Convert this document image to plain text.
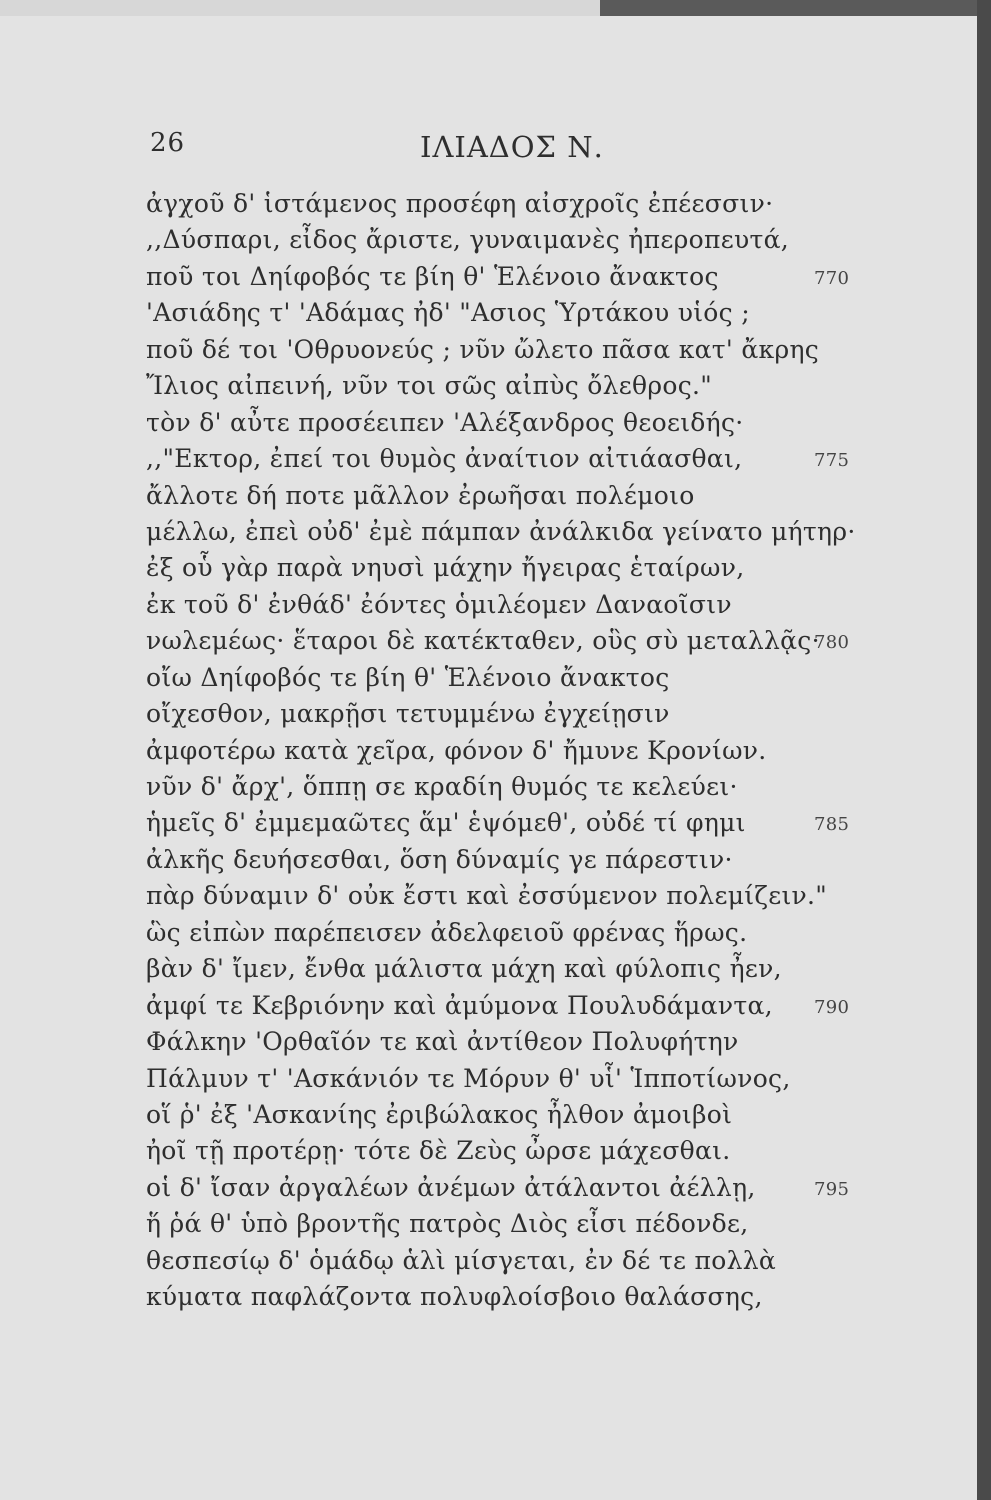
26	ΙΛΙΑΔΟΣ Ν.
ἀγχοῦ δ' ἱστάμενος προσέφη αἰσχροῖς ἐπέεσσιν·
,,Δύσπαρι, εἶδος ἄριστε, γυναιμανὲς ἠπεροπευτά,
ποῦ τοι Δηίφοβός τε βίη θ' Ἑλένοιο ἄνακτος	770
'Ασιάδης τ' 'Αδάμας ἠδ' "Ασιος Ὑρτάκου υἱός ;
ποῦ δέ τοι 'Οθρυονεύς ; νῦν ὤλετο πᾶσα κατ' ἄκρης
Ἴλιος αἰπεινή, νῦν τοι σῶς αἰπὺς ὄλεθρος."
τὸν δ' αὖτε προσέειπεν 'Αλέξανδρος θεοειδής·
,,"Εκτορ, ἐπεί τοι θυμὸς ἀναίτιον αἰτιάασθαι,	775
ἄλλοτε δή ποτε μᾶλλον ἐρωῆσαι πολέμοιο
μέλλω, ἐπεὶ οὐδ' ἐμὲ πάμπαν ἀνάλκιδα γείνατο μήτηρ·
ἐξ οὗ γὰρ παρὰ νηυσὶ μάχην ἤγειρας ἑταίρων,
ἐκ τοῦ δ' ἐνθάδ' ἐόντες ὁμιλέομεν Δαναοῖσιν
νωλεμέως· ἕταροι δὲ κατέκταθεν, οὓς σὺ μεταλλᾷς·
780
οἴω Δηίφοβός τε βίη θ' Ἑλένοιο ἄνακτος
οἴχεσθον, μακρῇσι τετυμμένω ἐγχείῃσιν
ἀμφοτέρω κατὰ χεῖρα, φόνον δ' ἤμυνε Κρονίων.
νῦν δ' ἄρχ', ὅππῃ σε κραδίη θυμός τε κελεύει·
ἡμεῖς δ' ἐμμεμαῶτες ἅμ' ἑψόμεθ', οὐδέ τί φημι	785
ἀλκῆς δευήσεσθαι, ὅση δύναμίς γε πάρεστιν·
πὰρ δύναμιν δ' οὐκ ἔστι καὶ ἐσσύμενον πολεμίζειν."
ὣς εἰπὼν παρέπεισεν ἀδελφειοῦ φρένας ἥρως.
βὰν δ' ἴμεν, ἔνθα μάλιστα μάχη καὶ φύλοπις ἦεν,
ἀμφί τε Κεβριόνην καὶ ἀμύμονα Πουλυδάμαντα, 790
Φάλκην 'Ορθαῖόν τε καὶ ἀντίθεον Πολυφήτην
Πάλμυν τ' 'Ασκάνιόν τε Μόρυν θ' υἷ' Ἱπποτίωνος,
οἵ ῥ' ἐξ 'Ασκανίης ἐριβώλακος ἦλθον ἀμοιβοὶ
ἠοῖ τῇ προτέρῃ· τότε δὲ Ζεὺς ὦρσε μάχεσθαι.
οἱ δ' ἴσαν ἀργαλέων ἀνέμων ἀτάλαντοι ἀέλλῃ,	795
ἥ ῥά θ' ὑπὸ βροντῆς πατρὸς Διὸς εἶσι πέδονδε,
θεσπεσίῳ δ' ὁμάδῳ ἁλὶ μίσγεται, ἐν δέ τε πολλὰ
κύματα παφλάζοντα πολυφλοίσβοιο θαλάσσης,
